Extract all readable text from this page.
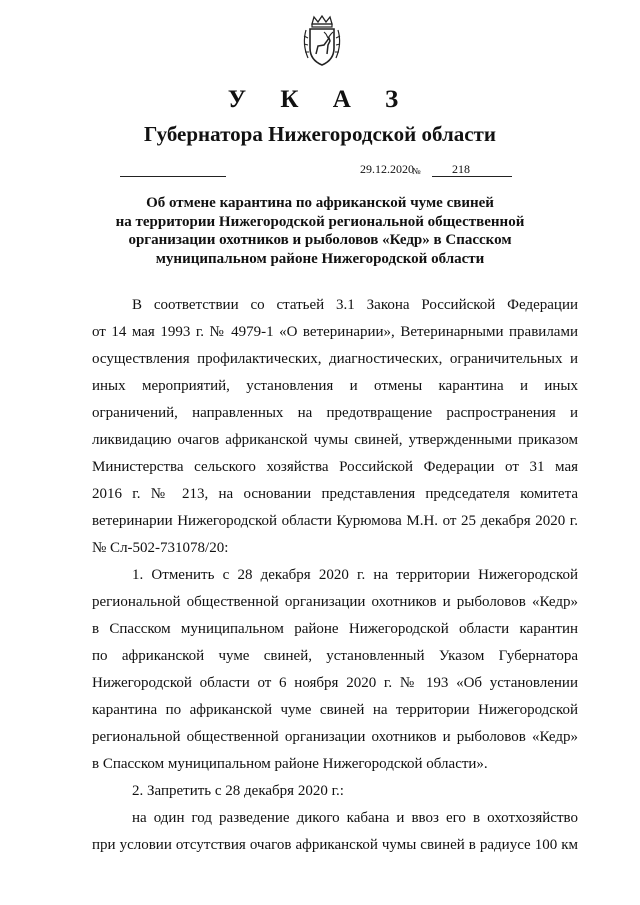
У К А З
Губернатора Нижегородской области
29.12.2020
№	218
Об отмене карантина по африканской чуме свиней
на территории Нижегородской региональной общественной
организации охотников и рыболовов «Кедр» в Спасском
муниципальном районе Нижегородской области
В соответствии со статьей 3.1 Закона Российской Федерации
от 14 мая 1993 г. № 4979-1 «О ветеринарии», Ветеринарными правилами
осуществления профилактических, диагностических, ограничительных и
иных мероприятий, установления и отмены карантина и иных
ограничений, направленных на предотвращение распространения и
ликвидацию очагов африканской чумы свиней, утвержденными приказом
Министерства сельского хозяйства Российской Федерации от 31 мая
2016 г. № 213, на основании представления председателя комитета
ветеринарии Нижегородской области Курюмова М.Н. от 25 декабря 2020 г.
№ Сл-502-731078/20:
1. Отменить с 28 декабря 2020 г. на территории Нижегородской
региональной общественной организации охотников и рыболовов «Кедр»
в Спасском муниципальном районе Нижегородской области карантин
по африканской чуме свиней, установленный Указом Губернатора
Нижегородской области от 6 ноября 2020 г. № 193 «Об установлении
карантина по африканской чуме свиней на территории Нижегородской
региональной общественной организации охотников и рыболовов «Кедр»
в Спасском муниципальном районе Нижегородской области».
2. Запретить с 28 декабря 2020 г.:
на один год разведение дикого кабана и ввоз его в охотхозяйство
при условии отсутствия очагов африканской чумы свиней в радиусе 100 км
